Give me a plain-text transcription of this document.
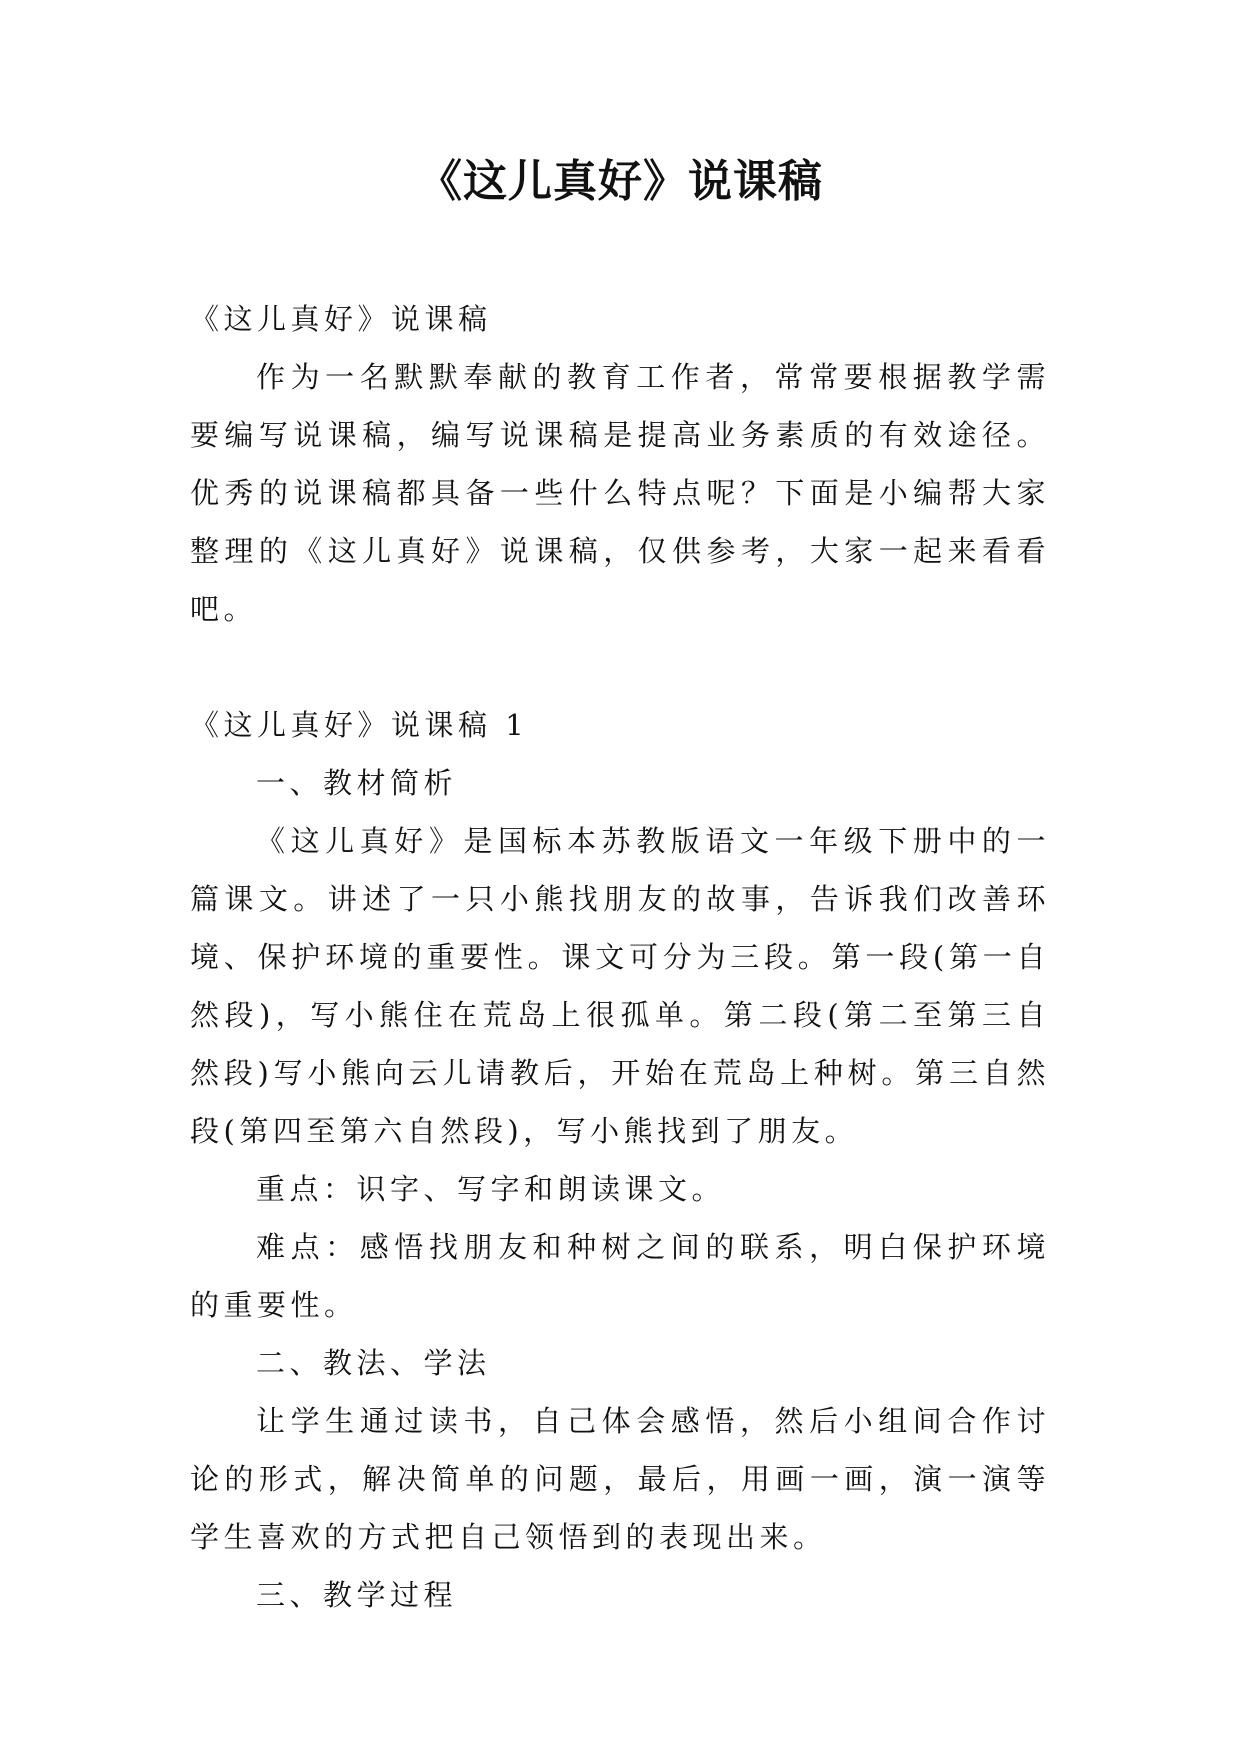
《这儿真好》说课稿

《这儿真好》说课稿

作为一名默默奉献的教育工作者，常常要根据教学需要编写说课稿，编写说课稿是提高业务素质的有效途径。优秀的说课稿都具备一些什么特点呢？下面是小编帮大家整理的《这儿真好》说课稿，仅供参考，大家一起来看看吧。

《这儿真好》说课稿 1

一、教材简析

《这儿真好》是国标本苏教版语文一年级下册中的一篇课文。讲述了一只小熊找朋友的故事，告诉我们改善环境、保护环境的重要性。课文可分为三段。第一段(第一自然段)，写小熊住在荒岛上很孤单。第二段(第二至第三自然段)写小熊向云儿请教后，开始在荒岛上种树。第三自然段(第四至第六自然段)，写小熊找到了朋友。

重点：识字、写字和朗读课文。

难点：感悟找朋友和种树之间的联系，明白保护环境的重要性。

二、教法、学法

让学生通过读书，自己体会感悟，然后小组间合作讨论的形式，解决简单的问题，最后，用画一画，演一演等学生喜欢的方式把自己领悟到的表现出来。

三、教学过程
